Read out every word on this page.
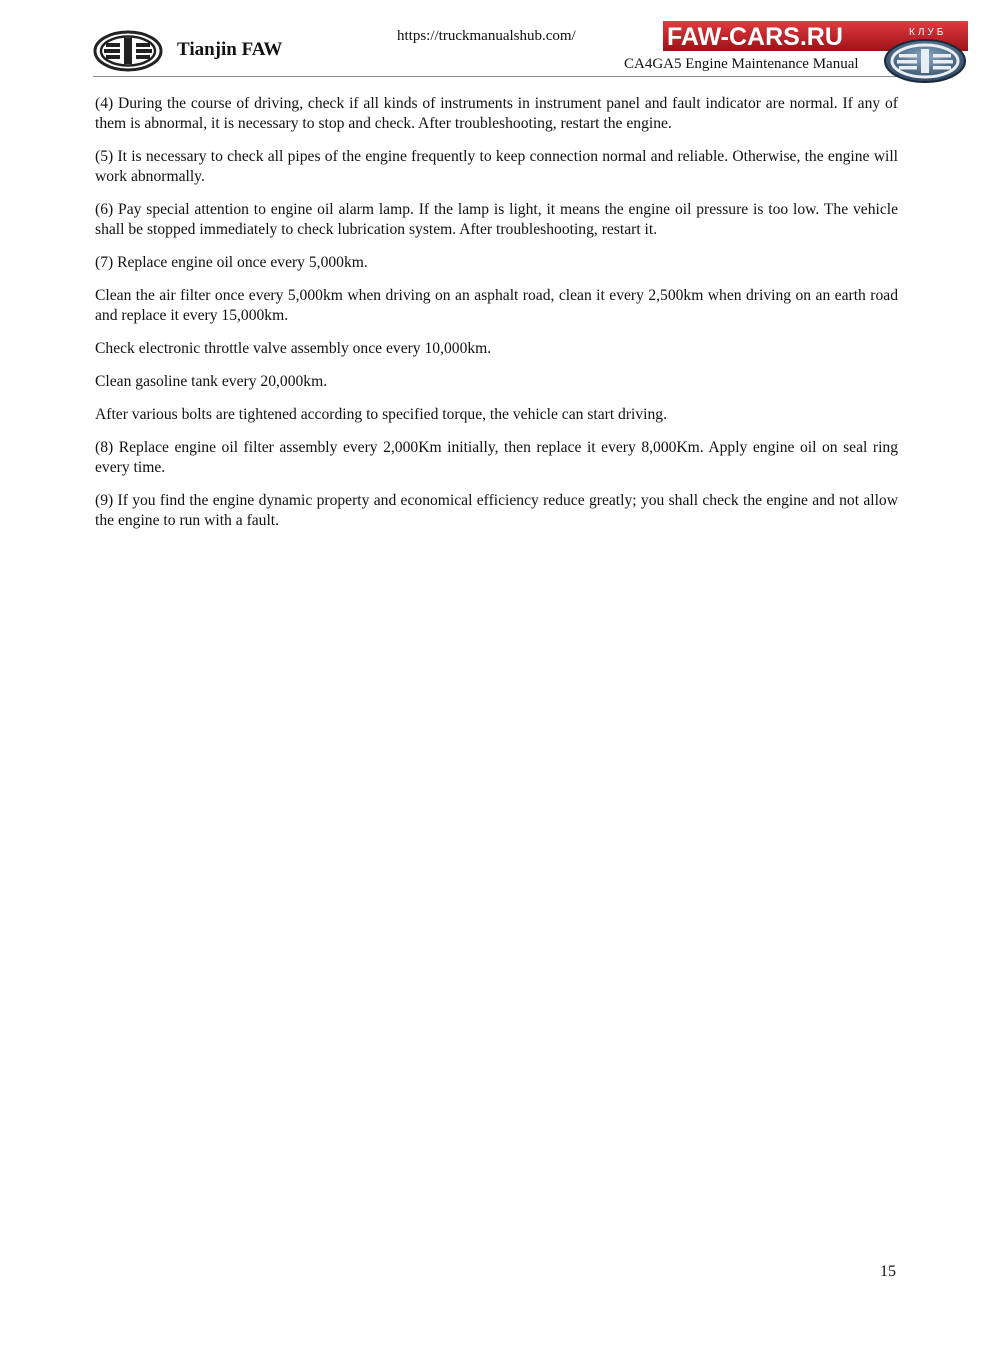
Tianjin FAW
https://truckmanualshub.com/
CA4GA5 Engine Maintenance Manual
FAW-CARS.RU	КЛУБ

(4) During the course of driving, check if all kinds of instruments in instrument panel and fault indicator are normal. If any of them is abnormal, it is necessary to stop and check. After troubleshooting, restart the engine.

(5) It is necessary to check all pipes of the engine frequently to keep connection normal and reliable. Otherwise, the engine will work abnormally.

(6) Pay special attention to engine oil alarm lamp. If the lamp is light, it means the engine oil pressure is too low. The vehicle shall be stopped immediately to check lubrication system. After troubleshooting, restart it.

(7) Replace engine oil once every 5,000km.

Clean the air filter once every 5,000km when driving on an asphalt road, clean it every 2,500km when driving on an earth road and replace it every 15,000km.

Check electronic throttle valve assembly once every 10,000km.

Clean gasoline tank every 20,000km.

After various bolts are tightened according to specified torque, the vehicle can start driving.

(8) Replace engine oil filter assembly every 2,000Km initially, then replace it every 8,000Km. Apply engine oil on seal ring every time.

(9) If you find the engine dynamic property and economical efficiency reduce greatly; you shall check the engine and not allow the engine to run with a fault.

15
